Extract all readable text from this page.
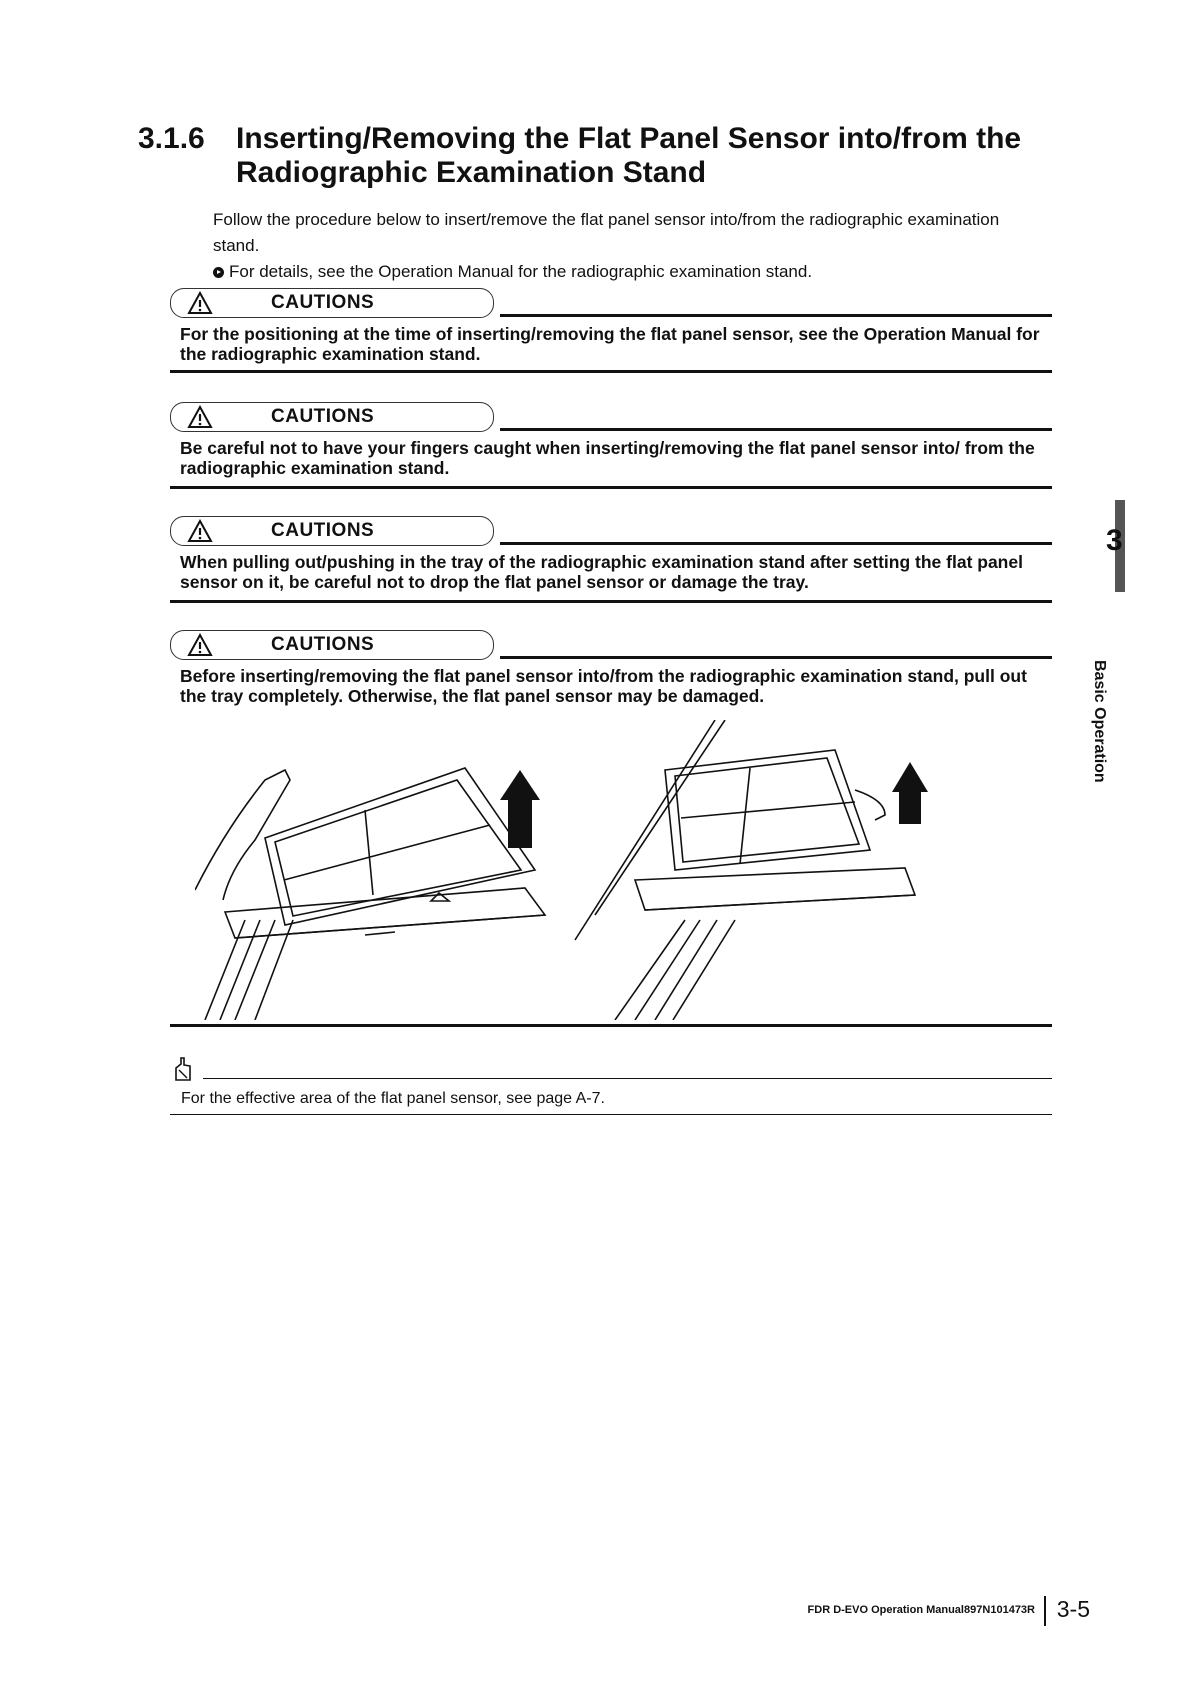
3.1.6 Inserting/Removing the Flat Panel Sensor into/from the
Radiographic Examination Stand
Follow the procedure below to insert/remove the flat panel sensor into/from the radiographic examination stand.
For details, see the Operation Manual for the radiographic examination stand.
CAUTIONS
For the positioning at the time of inserting/removing the flat panel sensor, see the Operation Manual for the radiographic examination stand.
CAUTIONS
Be careful not to have your fingers caught when inserting/removing the flat panel sensor into/ from the radiographic examination stand.
CAUTIONS
When pulling out/pushing in the tray of the radiographic examination stand after setting the flat panel sensor on it, be careful not to drop the flat panel sensor or damage the tray.
CAUTIONS
Before inserting/removing the flat panel sensor into/from the radiographic examination stand, pull out the tray completely. Otherwise, the flat panel sensor may be damaged.
For the effective area of the flat panel sensor, see page A-7.
3
Basic Operation
FDR D-EVO Operation Manual 897N101473R 3-5
